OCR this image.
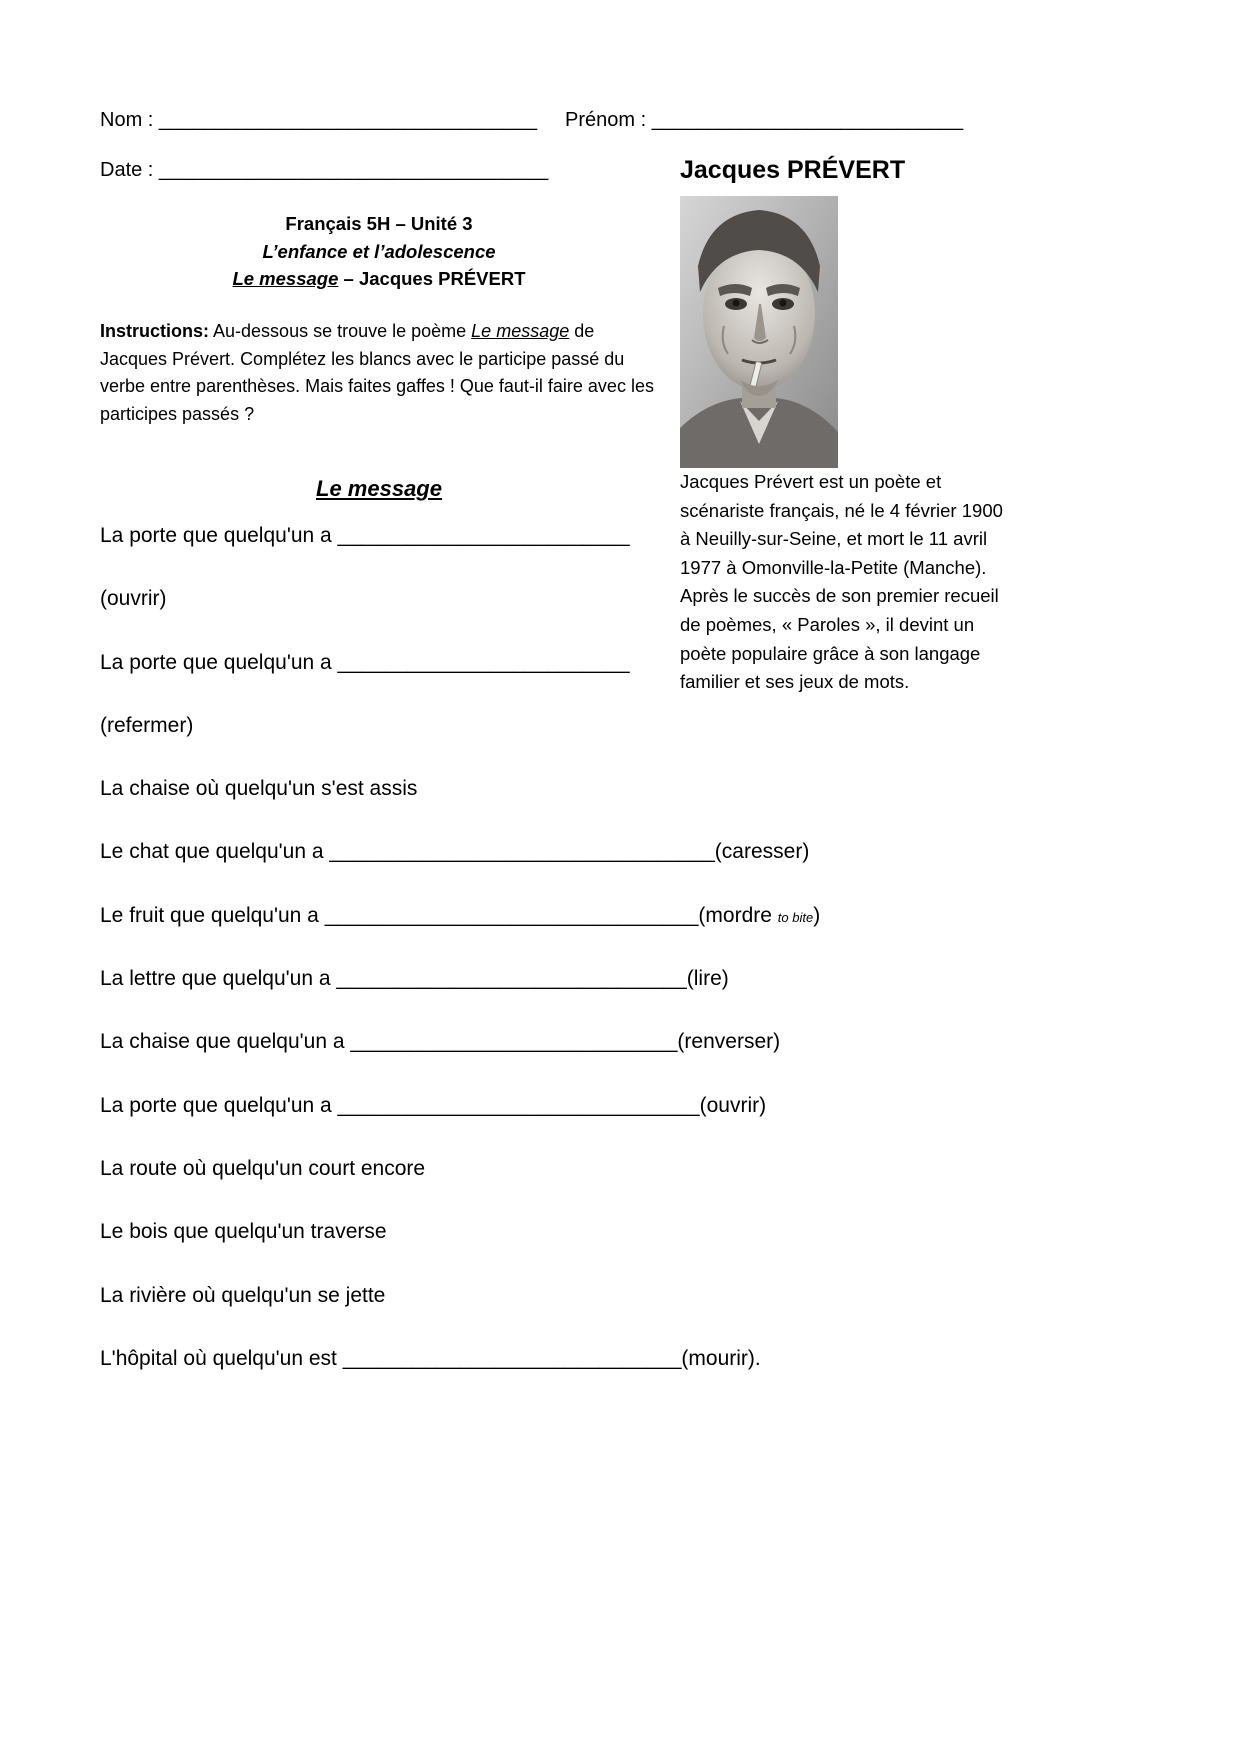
Nom : __________________________________ Prénom : ____________________________
Date : ___________________________________	Jacques PRÉVERT
Jacques Prévert est un poète et scénariste français, né le 4 février 1900 à Neuilly-sur-Seine, et mort le 11 avril 1977 à Omonville-la-Petite (Manche). Après le succès de son premier recueil de poèmes, « Paroles », il devint un poète populaire grâce à son langage familier et ses jeux de mots.
Français 5H – Unité 3
L’enfance et l’adolescence
Le message – Jacques PRÉVERT
Instructions: Au-dessous se trouve le poème Le message de Jacques Prévert. Complétez les blancs avec le participe passé du verbe entre parenthèses. Mais faites gaffes ! Que faut-il faire avec les participes passés ?
Le message
La porte que quelqu'un a _________________________
(ouvrir)
La porte que quelqu'un a _________________________
(refermer)
La chaise où quelqu'un s'est assis
Le chat que quelqu'un a _________________________________(caresser)
Le fruit que quelqu'un a ________________________________(mordre to bite)
La lettre que quelqu'un a ______________________________(lire)
La chaise que quelqu'un a ____________________________(renverser)
La porte que quelqu'un a _______________________________(ouvrir)
La route où quelqu'un court encore
Le bois que quelqu'un traverse
La rivière où quelqu'un se jette
L'hôpital où quelqu'un est _____________________________(mourir).
